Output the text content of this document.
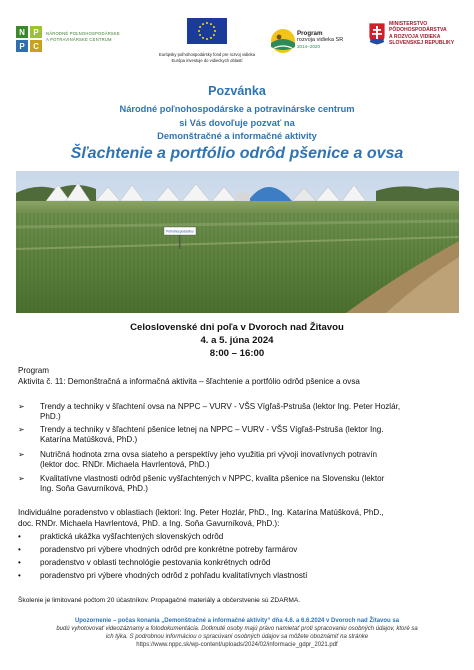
N	P
P	C
NÁRODNÉ POĽNOHOSPODÁRSKE
A POTRAVINÁRSKE CENTRUM
Európsky poľnohospodársky fond pre rozvoj vidieka
Európa investuje do vidieckych oblastí
Program
rozvoja vidieka SR
2014–2020
MINISTERSTVO
PÔDOHOSPODÁRSTVA
A ROZVOJA VIDIEKA
SLOVENSKEJ REPUBLIKY
Pozvánka
Národné poľnohospodárske a potravinárske centrum
si Vás dovoľuje pozvať na
Demonštračné a informačné aktivity
Šľachtenie a portfólio odrôd pšenice a ovsa
Poľnohospodárstvo
Celoslovenské dni poľa v Dvoroch nad Žitavou
4. a 5. júna 2024
8:00 – 16:00
Program
Aktivita č. 11: Demonštračná a informačná aktivita – šľachtenie a portfólio odrôd pšenice a ovsa
➢	Trendy a techniky v šľachtení ovsa na NPPC – VURV - VŠS Vígľaš-Pstruša (lektor Ing. Peter Hozlár,
PhD.)
➢	Trendy a techniky v šľachtení pšenice letnej na NPPC – VURV - VŠS Vígľaš-Pstruša (lektor Ing.
Katarína Matúšková, PhD.)
➢	Nutričná hodnota zrna ovsa siateho a perspektívy jeho využitia pri vývoji inovatívnych potravín
(lektor doc. RNDr. Michaela Havrlentová, PhD.)
➢	Kvalitatívne vlastnosti odrôd pšenic vyšľachtených v NPPC, kvalita pšenice na Slovensku (lektor
Ing. Soňa Gavurníková, PhD.)
Individuálne poradenstvo v oblastiach (lektori: Ing. Peter Hozlár, PhD., Ing. Katarína Matúšková, PhD.,
doc. RNDr. Michaela Havrlentová, PhD. a Ing. Soňa Gavurníková, PhD.):
•	praktická ukážka vyšľachtených slovenských odrôd
•	poradenstvo pri výbere vhodných odrôd pre konkrétne potreby farmárov
•	poradenstvo v oblasti technológie pestovania konkrétnych odrôd
•	poradenstvo pri výbere vhodných odrôd z pohľadu kvalitatívnych vlastností
Školenie je limitované počtom 20 účastníkov. Propagačné materiály a občerstvenie sú ZDARMA.
Upozornenie – počas konania „Demonštračné a informačné aktivity“ dňa 4.6. a 6.6.2024 v Dvoroch nad Žitavou sa
budú vyhotovovať videozáznamy a fotodokumentácia. Dotknuté osoby majú právo namietať proti spracovaniu osobných údajov, ktoré sa
ich týka. S podrobnou informáciou o spracúvaní osobných údajov sa môžete oboznámiť na stránke
https://www.nppc.sk/wp-content/uploads/2024/02/informacie_gdpr_2021.pdf
